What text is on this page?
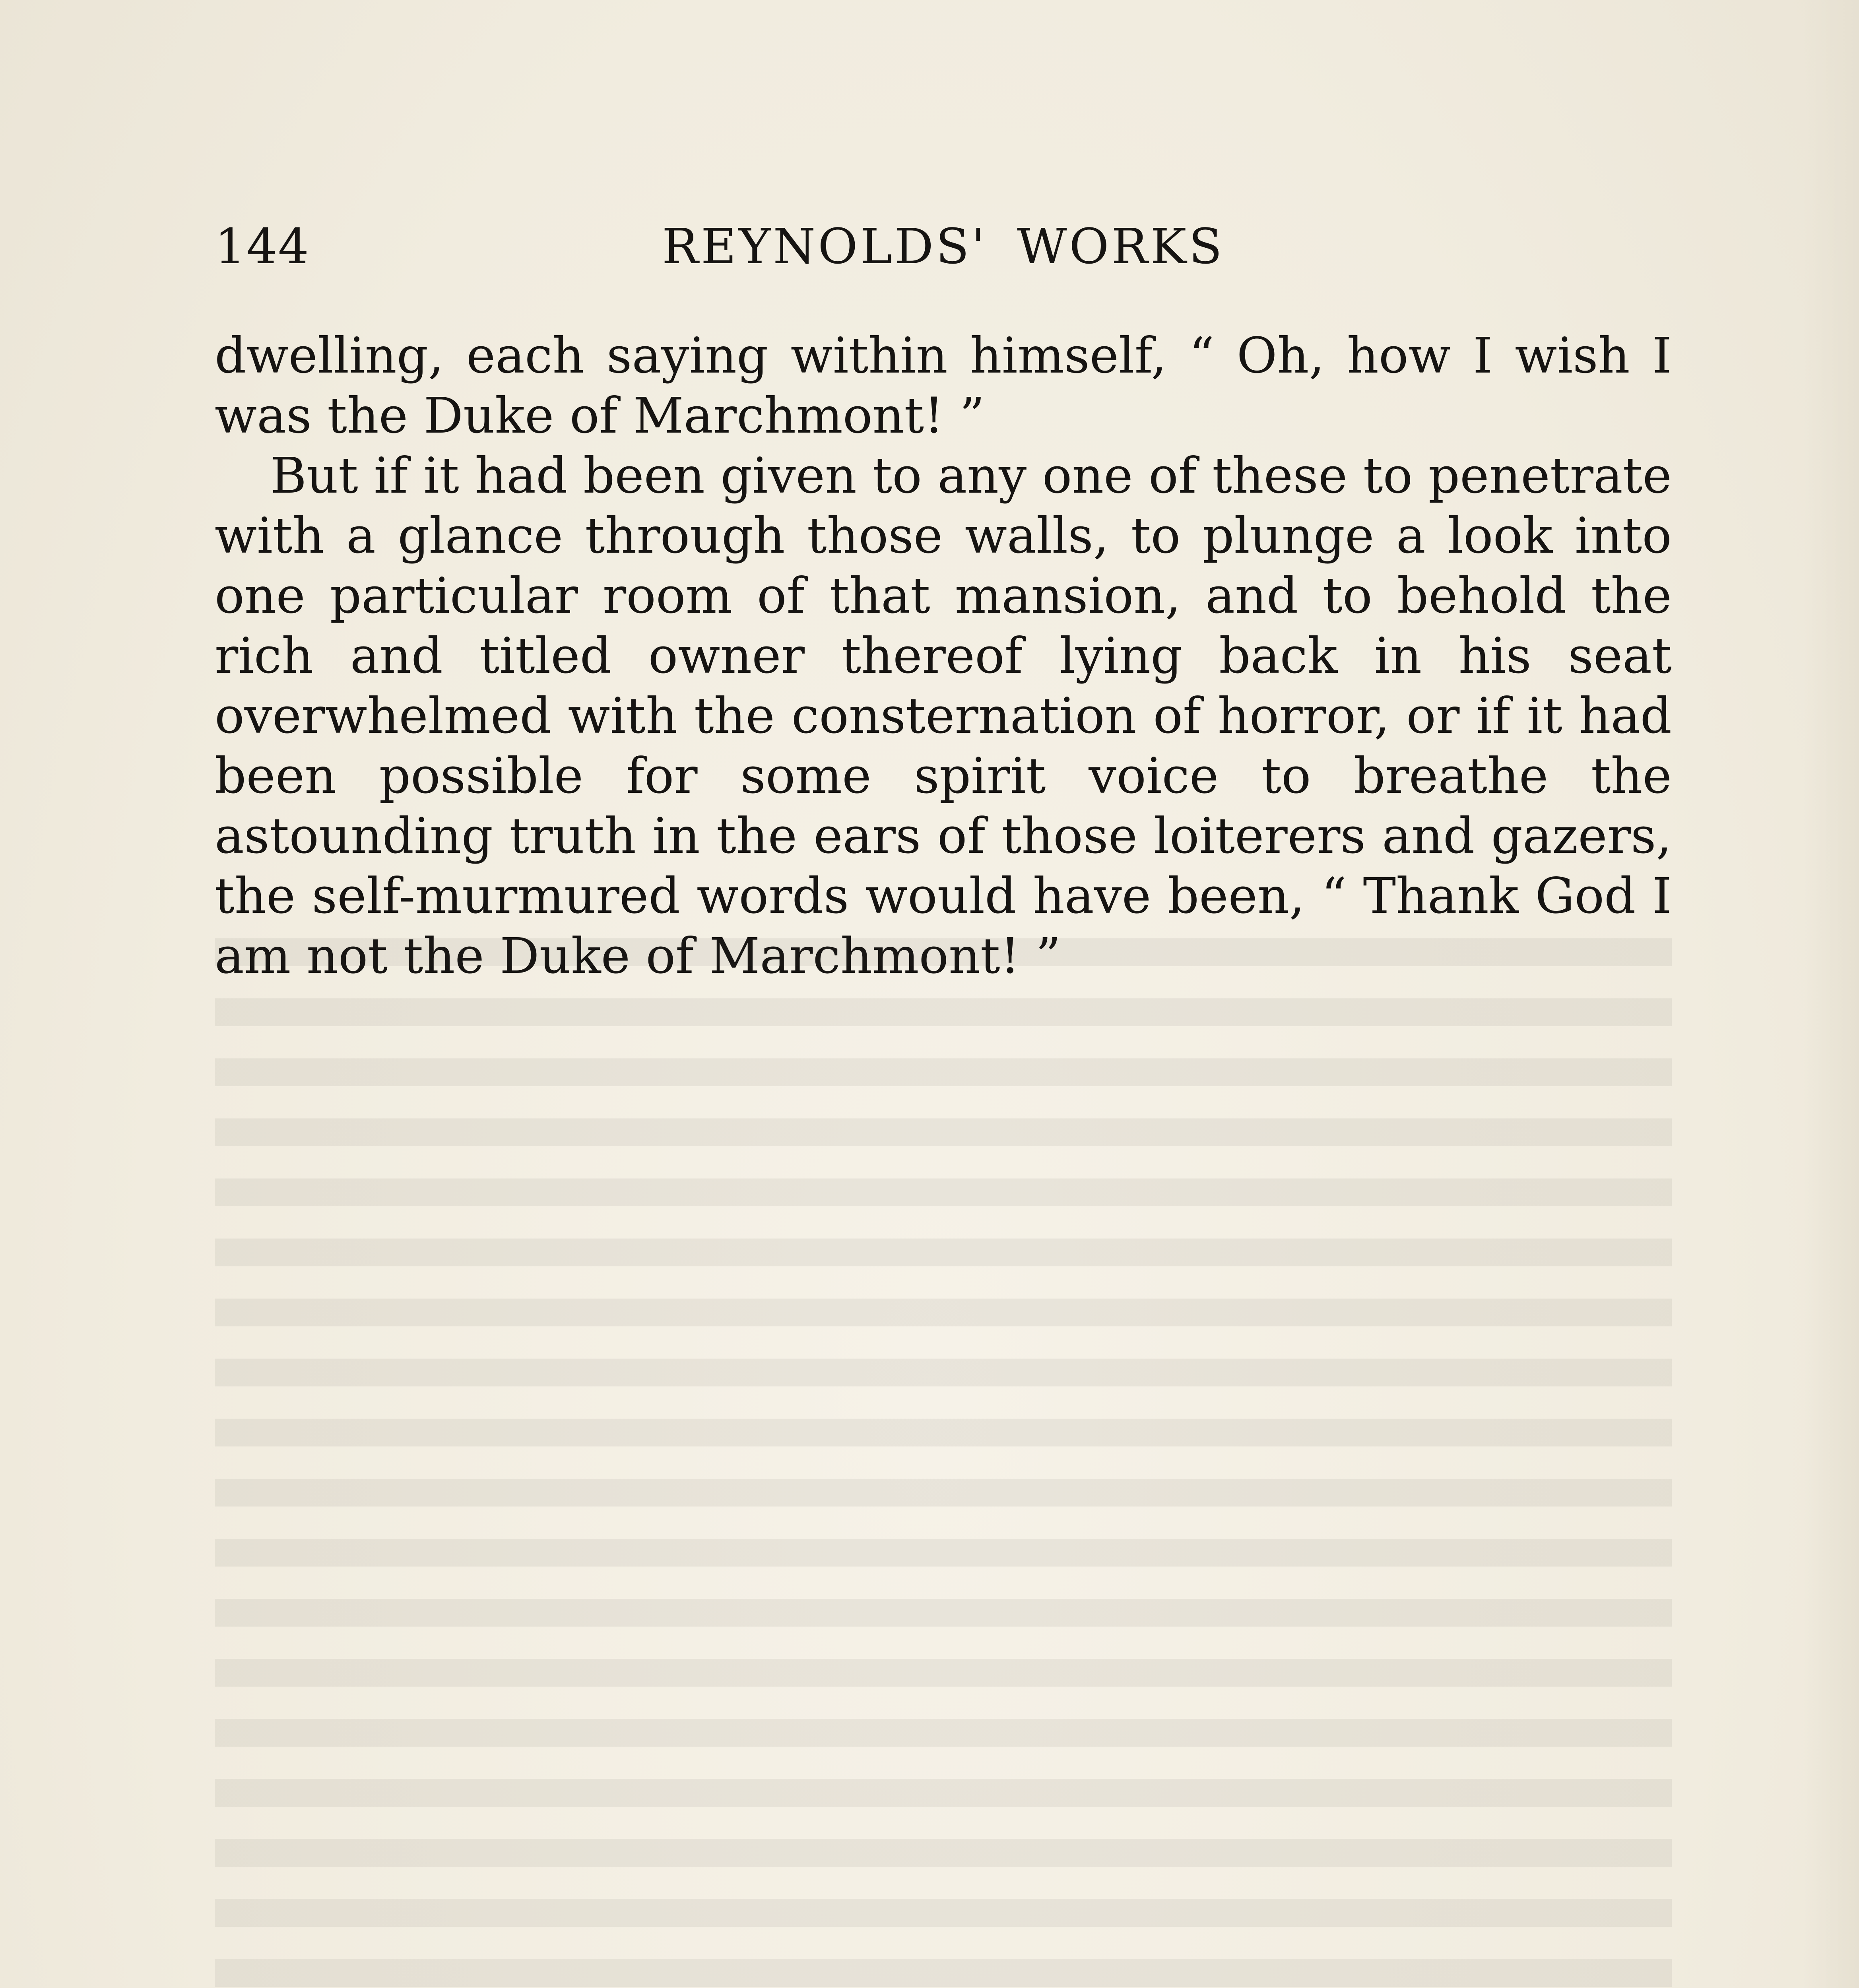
144	REYNOLDS' WORKS

dwelling, each saying within himself, “ Oh, how I wish I was the Duke of Marchmont! ”

But if it had been given to any one of these to penetrate with a glance through those walls, to plunge a look into one particular room of that mansion, and to behold the rich and titled owner thereof lying back in his seat overwhelmed with the consternation of horror, or if it had been possible for some spirit voice to breathe the astounding truth in the ears of those loiterers and gazers, the self-murmured words would have been, “ Thank God I am not the Duke of Marchmont! ”
